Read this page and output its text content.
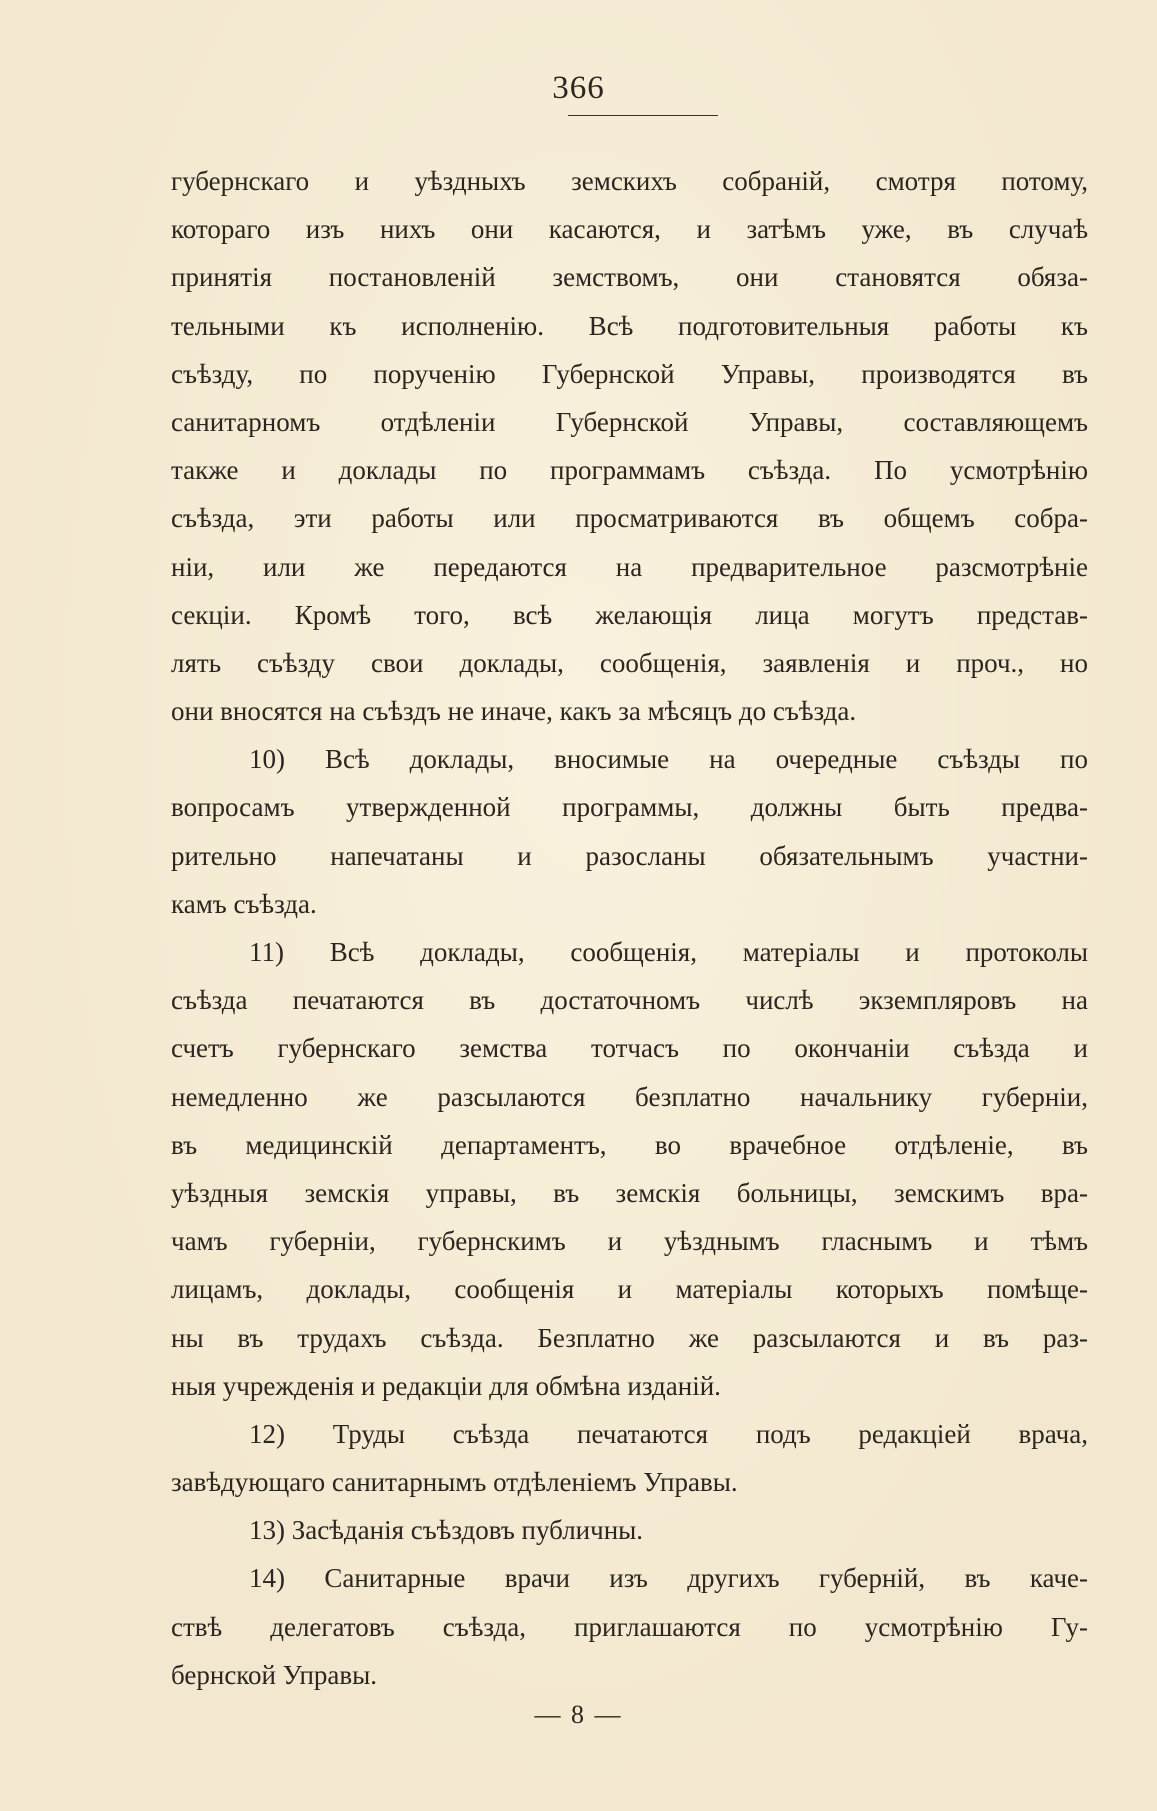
366
губернскаго и уѣздныхъ земскихъ собраній, смотря потому,
котораго изъ нихъ они касаются, и затѣмъ уже, въ случаѣ
принятія постановленій земствомъ, они становятся обяза-
тельными къ исполненію. Всѣ подготовительныя работы къ
съѣзду, по порученію Губернской Управы, производятся въ
санитарномъ отдѣленіи Губернской Управы, составляющемъ
также и доклады по программамъ съѣзда. По усмотрѣнію
съѣзда, эти работы или просматриваются въ общемъ собра-
ніи, или же передаются на предварительное разсмотрѣніе
секціи. Кромѣ того, всѣ желающія лица могутъ представ-
лять съѣзду свои доклады, сообщенія, заявленія и проч., но
они вносятся на съѣздъ не иначе, какъ за мѣсяцъ до съѣзда.
10) Всѣ доклады, вносимые на очередные съѣзды по
вопросамъ утвержденной программы, должны быть предва-
рительно напечатаны и разосланы обязательнымъ участни-
камъ съѣзда.
11) Всѣ доклады, сообщенія, матеріалы и протоколы
съѣзда печатаются въ достаточномъ числѣ экземпляровъ на
счетъ губернскаго земства тотчасъ по окончаніи съѣзда и
немедленно же разсылаются безплатно начальнику губерніи,
въ медицинскій департаментъ, во врачебное отдѣленіе, въ
уѣздныя земскія управы, въ земскія больницы, земскимъ вра-
чамъ губерніи, губернскимъ и уѣзднымъ гласнымъ и тѣмъ
лицамъ, доклады, сообщенія и матеріалы которыхъ помѣще-
ны въ трудахъ съѣзда. Безплатно же разсылаются и въ раз-
ныя учрежденія и редакціи для обмѣна изданій.
12) Труды съѣзда печатаются подъ редакціей врача,
завѣдующаго санитарнымъ отдѣленіемъ Управы.
13) Засѣданія съѣздовъ публичны.
14) Санитарные врачи изъ другихъ губерній, въ каче-
ствѣ делегатовъ съѣзда, приглашаются по усмотрѣнію Гу-
бернской Управы.
— 8 —
